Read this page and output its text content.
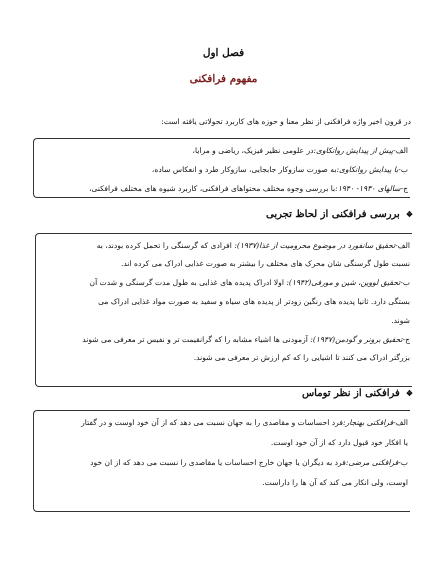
فصل اول
مفهوم فرافکنی
در قرون اخیر واژه فرافکنی از نظر معنا و حوزه های کاربرد تحولاتی یافته است:
الف-پیش از پیدایش روانکاوی:در علومی نظیر فیزیک، ریاضی و مرایا،
ب-با پیدایش روانکاوی:به صورت سازوکار جابجایی، سازوکار طرد و انعکاس ساده،
ج-سالهای ۱۹۳۰- ۱۹۴۰:با بررسی وجوه مختلف محتواهای فرافکنی، کاربرد شیوه های مختلف فرافکنی،
❖بررسی فرافکنی از لحاظ تجربی
الف-تحقیق سانفورد در موضوع محرومیت از غذا(۱۹۳۷): افرادی که گرسنگی را تحمل کرده بودند، به
نسبت طول گرسنگی شان محرک های مختلف را بیشتر به صورت غذایی ادراک می کرده اند.
ب-تحقیق لووین، شین و مورفی(۱۹۴۲): اولا ادراک پدیده های غذایی به طول مدت گرسنگی و شدت آن
بستگی دارد. ثانیا پدیده های رنگین زودتر از پدیده های سیاه و سفید به صورت مواد غذایی ادراک می
شوند.
ج-تحقیق برونر و گودمن(۱۹۴۷): آزمودنی ها اشیاء مشابه را که گرانقیمت تر و نفیس تر معرفی می شوند
بزرگتر ادراک می کنند تا اشیایی را که کم ارزش تر معرفی می شوند.
❖فرافکنی از نظر توماس
الف-فرافکنی بهنجار:فرد احساسات و مقاصدی را به جهان نسبت می دهد که از آن خود اوست و در گفتار
یا افکار خود قبول دارد که از آن خود اوست.
ب-فرافکنی مرضی:فرد به دیگران یا جهان خارج احساسات یا مقاصدی را نسبت می دهد که از ان خود
اوست، ولی انکار می کند که آن ها را داراست.
